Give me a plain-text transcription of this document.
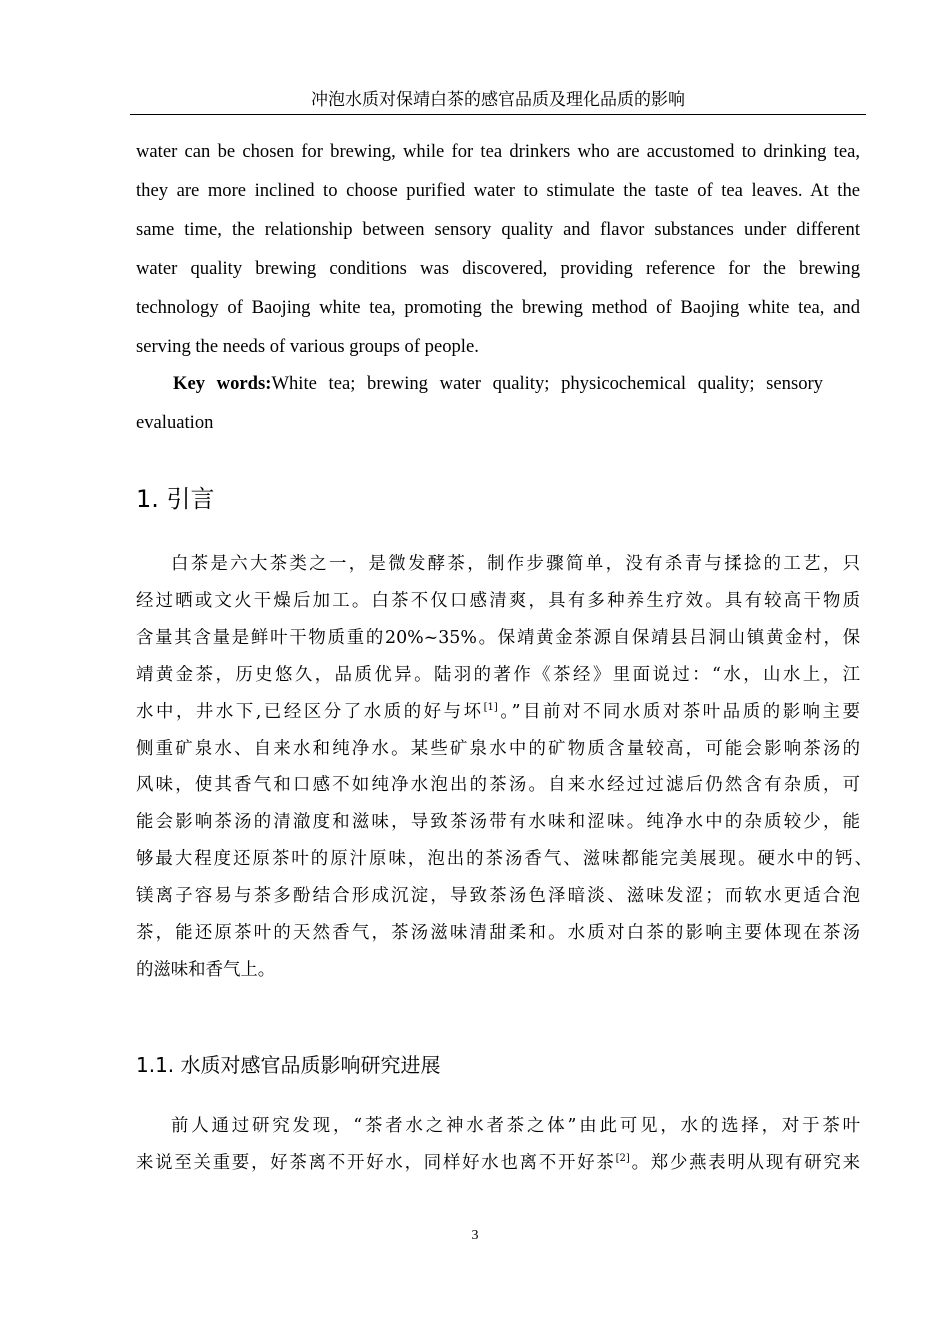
冲泡水质对保靖白茶的感官品质及理化品质的影响
water can be chosen for brewing, while for tea drinkers who are accustomed to drinking tea,
they are more inclined to choose purified water to stimulate the taste of tea leaves. At the
same time, the relationship between sensory quality and flavor substances under different
water quality brewing conditions was discovered, providing reference for the brewing
technology of Baojing white tea, promoting the brewing method of Baojing white tea, and
serving the needs of various groups of people.
Key words:White tea; brewing water quality; physicochemical quality; sensory
evaluation
1. 引言
白茶是六大茶类之一，是微发酵茶，制作步骤简单，没有杀青与揉捻的工艺，只
经过晒或文火干燥后加工。白茶不仅口感清爽，具有多种养生疗效。具有较高干物质
含量其含量是鲜叶干物质重的20%~35%。保靖黄金茶源自保靖县吕洞山镇黄金村，保
靖黄金茶，历史悠久，品质优异。陆羽的著作《茶经》里面说过：“水，山水上，江
水中，井水下,已经区分了水质的好与坏[1]。”目前对不同水质对茶叶品质的影响主要
侧重矿泉水、自来水和纯净水。某些矿泉水中的矿物质含量较高，可能会影响茶汤的
风味，使其香气和口感不如纯净水泡出的茶汤。自来水经过过滤后仍然含有杂质，可
能会影响茶汤的清澈度和滋味，导致茶汤带有水味和涩味。纯净水中的杂质较少，能
够最大程度还原茶叶的原汁原味，泡出的茶汤香气、滋味都能完美展现。硬水中的钙、
镁离子容易与茶多酚结合形成沉淀，导致茶汤色泽暗淡、滋味发涩；而软水更适合泡
茶，能还原茶叶的天然香气，茶汤滋味清甜柔和。水质对白茶的影响主要体现在茶汤
的滋味和香气上。
1.1. 水质对感官品质影响研究进展
前人通过研究发现，“茶者水之神水者茶之体”由此可见，水的选择，对于茶叶
来说至关重要，好茶离不开好水，同样好水也离不开好茶[2]。郑少燕表明从现有研究来
3
